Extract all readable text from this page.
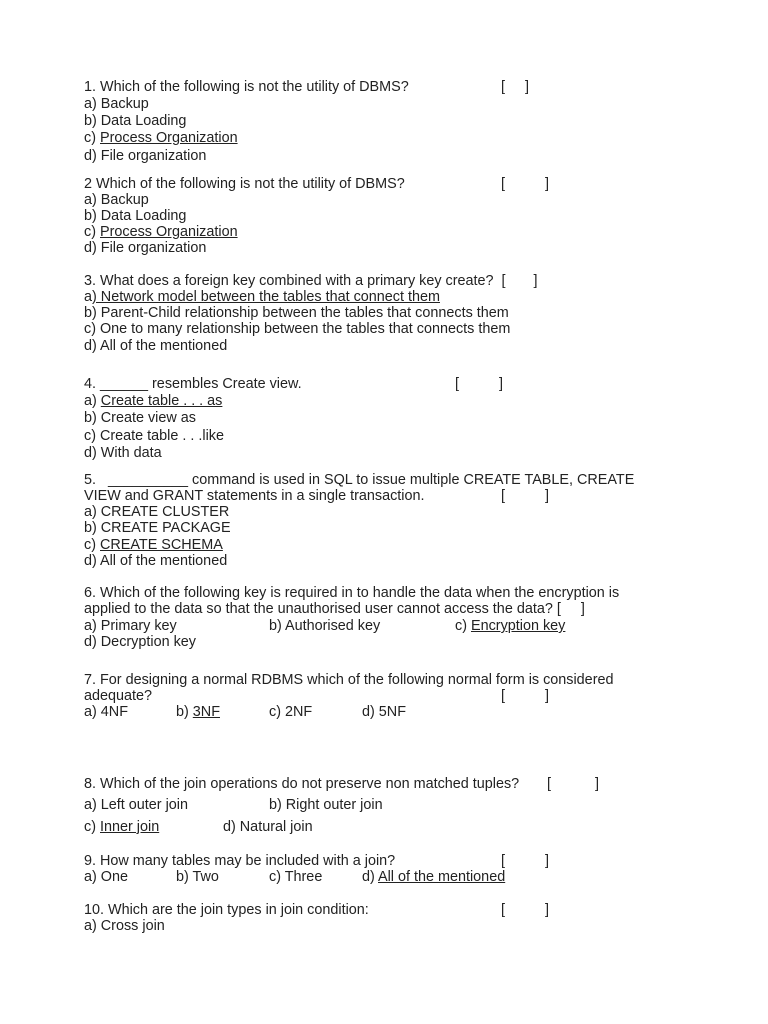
1. Which of the following is not the utility of DBMS?	[     ]
a) Backup
b) Data Loading
c) Process Organization
d) File organization
2 Which of the following is not the utility of DBMS?	[          ]
a) Backup
b) Data Loading
c) Process Organization
d) File organization
3. What does a foreign key combined with a primary key create?  [       ]
a) Network model between the tables that connect them
b) Parent-Child relationship between the tables that connects them
c) One to many relationship between the tables that connects them
d) All of the mentioned
4. ______ resembles Create view.	[          ]
a) Create table . . . as
b) Create view as
c) Create table . . .like
d) With data
5.   __________ command is used in SQL to issue multiple CREATE TABLE, CREATE
VIEW and GRANT statements in a single transaction.	[          ]
a) CREATE CLUSTER
b) CREATE PACKAGE
c) CREATE SCHEMA
d) All of the mentioned
6. Which of the following key is required in to handle the data when the encryption is
applied to the data so that the unauthorised user cannot access the data? [     ]
a) Primary key	b) Authorised key	c) Encryption key
d) Decryption key
7. For designing a normal RDBMS which of the following normal form is considered
adequate?	[          ]
a) 4NF	b) 3NF	c) 2NF	d) 5NF
8. Which of the join operations do not preserve non matched tuples? [           ]
a) Left outer join	b) Right outer join
c) Inner join	d) Natural join
9. How many tables may be included with a join?	[          ]
a) One	b) Two	c) Three	d) All of the mentioned
10. Which are the join types in join condition:	[          ]
a) Cross join
